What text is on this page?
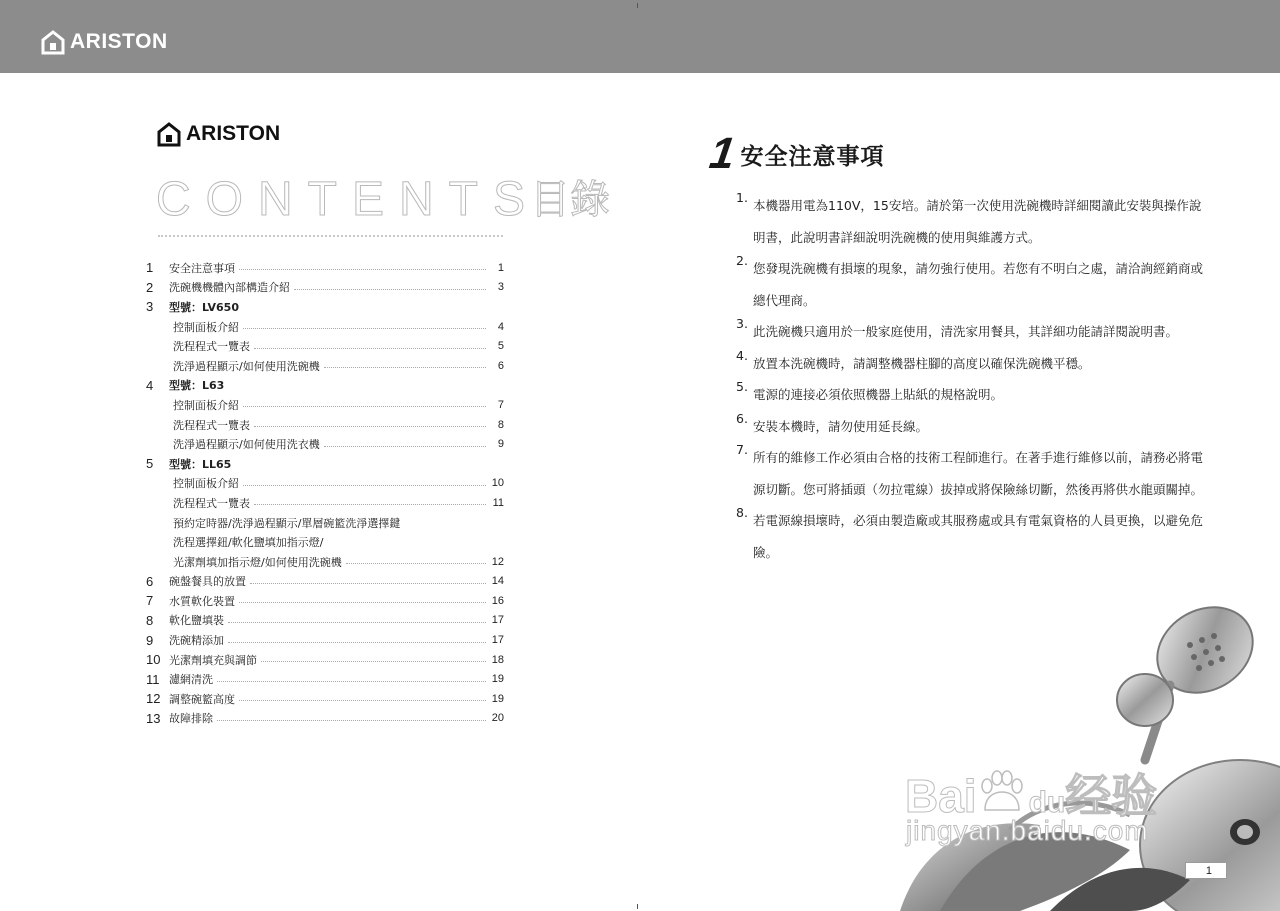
ARISTON
ARISTON
CONTENTS
目錄
1	安全注意事項	1
2	洗碗機機體內部構造介紹	3
3	型號：LV650
控制面板介紹	4
洗程程式一覽表	5
洗淨過程顯示/如何使用洗碗機	6
4	型號：L63
控制面板介紹	7
洗程程式一覽表	8
洗淨過程顯示/如何使用洗衣機	9
5	型號：LL65
控制面板介紹	10
洗程程式一覽表	11
預約定時器/洗淨過程顯示/單層碗籃洗淨選擇鍵
洗程選擇鈕/軟化鹽填加指示燈/
光潔劑填加指示燈/如何使用洗碗機	12
6	碗盤餐具的放置	14
7	水質軟化裝置	16
8	軟化鹽填裝	17
9	洗碗精添加	17
10 光潔劑填充與調節	18
11 濾網清洗	19
12 調整碗籃高度	19
13 故障排除	20
1 安全注意事項
1.
本機器用電為110V，15安培。請於第一次使用洗碗機時詳細閱讀此安裝與操作說明書，此說明書詳細說明洗碗機的使用與維護方式。
2.
您發現洗碗機有損壞的現象，請勿強行使用。若您有不明白之處，請洽詢經銷商或總代理商。
3.
此洗碗機只適用於一般家庭使用，清洗家用餐具，其詳細功能請詳閱說明書。
4.
放置本洗碗機時，請調整機器柱腳的高度以確保洗碗機平穩。
5.
電源的連接必須依照機器上貼紙的規格說明。
6.
安裝本機時，請勿使用延長線。
7.
所有的維修工作必須由合格的技術工程師進行。在著手進行維修以前，請務必將電源切斷。您可將插頭（勿拉電線）拔掉或將保險絲切斷，然後再將供水龍頭關掉。
8.
若電源線損壞時，必須由製造廠或其服務處或具有電氣資格的人員更換，以避免危險。
Bai du经验
jingyan.baidu.com
1
